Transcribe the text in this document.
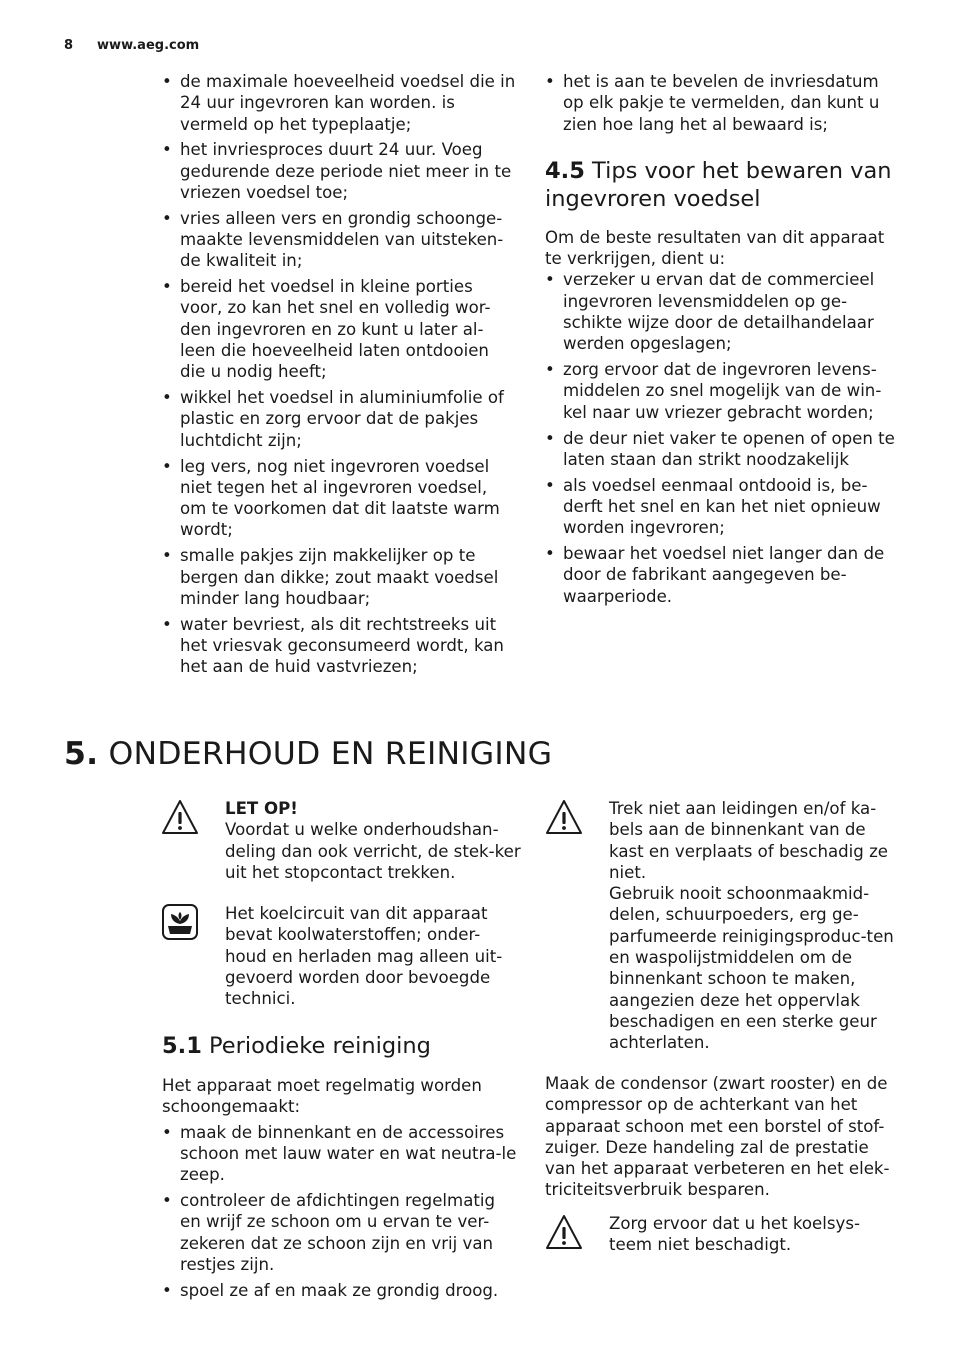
8 www.aeg.com
• de maximale hoeveelheid voedsel die in 24 uur ingevroren kan worden. is vermeld op het typeplaatje;
• het invriesproces duurt 24 uur. Voeg gedurende deze periode niet meer in te vriezen voedsel toe;
• vries alleen vers en grondig schoonge-maakte levensmiddelen van uitsteken-de kwaliteit in;
• bereid het voedsel in kleine porties voor, zo kan het snel en volledig wor-den ingevroren en zo kunt u later al-leen die hoeveelheid laten ontdooien die u nodig heeft;
• wikkel het voedsel in aluminiumfolie of plastic en zorg ervoor dat de pakjes luchtdicht zijn;
• leg vers, nog niet ingevroren voedsel niet tegen het al ingevroren voedsel, om te voorkomen dat dit laatste warm wordt;
• smalle pakjes zijn makkelijker op te bergen dan dikke; zout maakt voedsel minder lang houdbaar;
• water bevriest, als dit rechtstreeks uit het vriesvak geconsumeerd wordt, kan het aan de huid vastvriezen;
• het is aan te bevelen de invriesdatum op elk pakje te vermelden, dan kunt u zien hoe lang het al bewaard is;
4.5 Tips voor het bewaren van ingevroren voedsel

Om de beste resultaten van dit apparaat te verkrijgen, dient u:

• verzeker u ervan dat de commercieel ingevroren levensmiddelen op ge-schikte wijze door de detailhandelaar werden opgeslagen;
• zorg ervoor dat de ingevroren levens-middelen zo snel mogelijk van de win-kel naar uw vriezer gebracht worden;
• de deur niet vaker te openen of open te laten staan dan strikt noodzakelijk
• als voedsel eenmaal ontdooid is, be-derft het snel en kan het niet opnieuw worden ingevroren;
• bewaar het voedsel niet langer dan de door de fabrikant aangegeven be-waarperiode.
5. ONDERHOUD EN REINIGING

LET OP!

Voordat u welke onderhoudshan-deling dan ook verricht, de stek-ker uit het stopcontact trekken.

Het koelcircuit van dit apparaat bevat koolwaterstoffen; onder-houd en herladen mag alleen uit-gevoerd worden door bevoegde technici.

5.1 Periodieke reiniging

Het apparaat moet regelmatig worden schoongemaakt:

• maak de binnenkant en de accessoires schoon met lauw water en wat neutra-le zeep.
• controleer de afdichtingen regelmatig en wrijf ze schoon om u ervan te ver-zekeren dat ze schoon zijn en vrij van restjes zijn.
• spoel ze af en maak ze grondig droog.

Trek niet aan leidingen en/of ka-bels aan de binnenkant van de kast en verplaats of beschadig ze niet.

Gebruik nooit schoonmaakmid-delen, schuurpoeders, erg ge-parfumeerde reinigingsproduc-ten en waspolijstmiddelen om de binnenkant schoon te maken, aangezien deze het oppervlak beschadigen en een sterke geur achterlaten.

Maak de condensor (zwart rooster) en de compressor op de achterkant van het apparaat schoon met een borstel of stof-zuiger. Deze handeling zal de prestatie van het apparaat verbeteren en het elek-triciteitsverbruik besparen.

Zorg ervoor dat u het koelsys-teem niet beschadigt.
